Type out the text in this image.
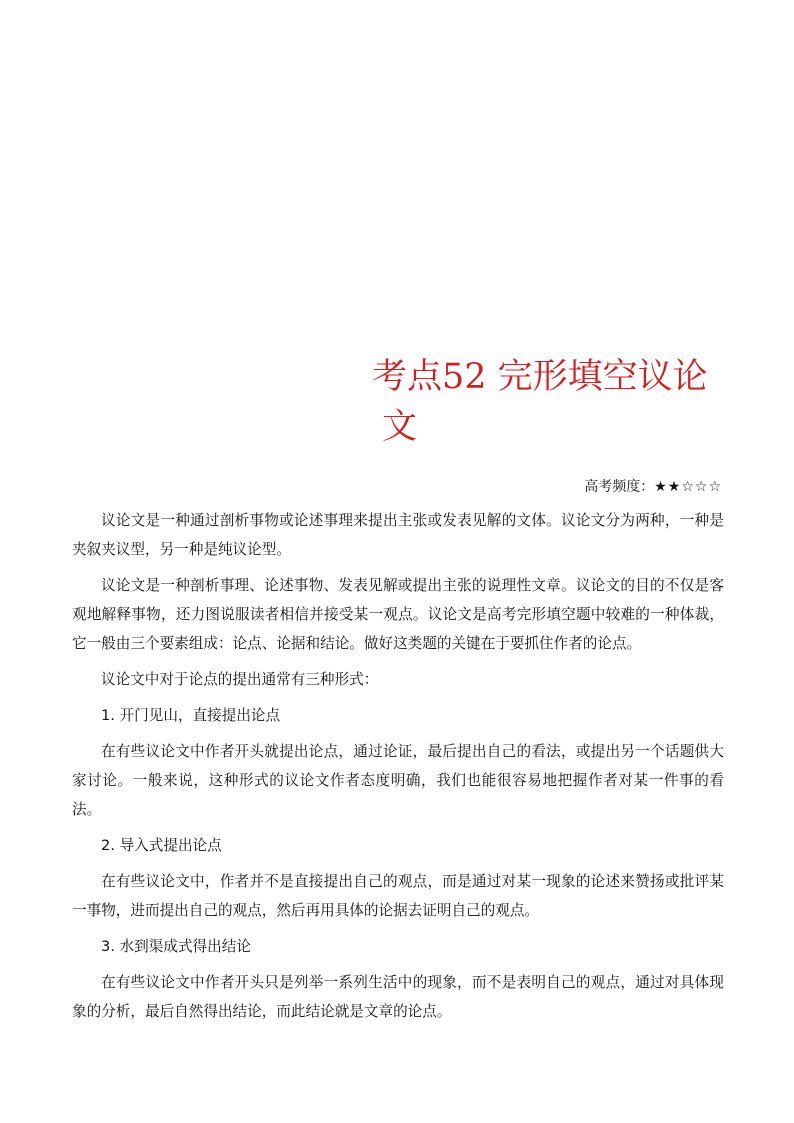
考点52 完形填空议论
文
高考频度：★★☆☆☆

议论文是一种通过剖析事物或论述事理来提出主张或发表见解的文体。议论文分为两种，一种是夹叙夹议型，另一种是纯议论型。

议论文是一种剖析事理、论述事物、发表见解或提出主张的说理性文章。议论文的目的不仅是客观地解释事物，还力图说服读者相信并接受某一观点。议论文是高考完形填空题中较难的一种体裁，它一般由三个要素组成：论点、论据和结论。做好这类题的关键在于要抓住作者的论点。

议论文中对于论点的提出通常有三种形式：

1. 开门见山，直接提出论点

在有些议论文中作者开头就提出论点，通过论证，最后提出自己的看法，或提出另一个话题供大家讨论。一般来说，这种形式的议论文作者态度明确，我们也能很容易地把握作者对某一件事的看法。

2. 导入式提出论点

在有些议论文中，作者并不是直接提出自己的观点，而是通过对某一现象的论述来赞扬或批评某一事物，进而提出自己的观点，然后再用具体的论据去证明自己的观点。

3. 水到渠成式得出结论

在有些议论文中作者开头只是列举一系列生活中的现象，而不是表明自己的观点，通过对具体现象的分析，最后自然得出结论，而此结论就是文章的论点。
